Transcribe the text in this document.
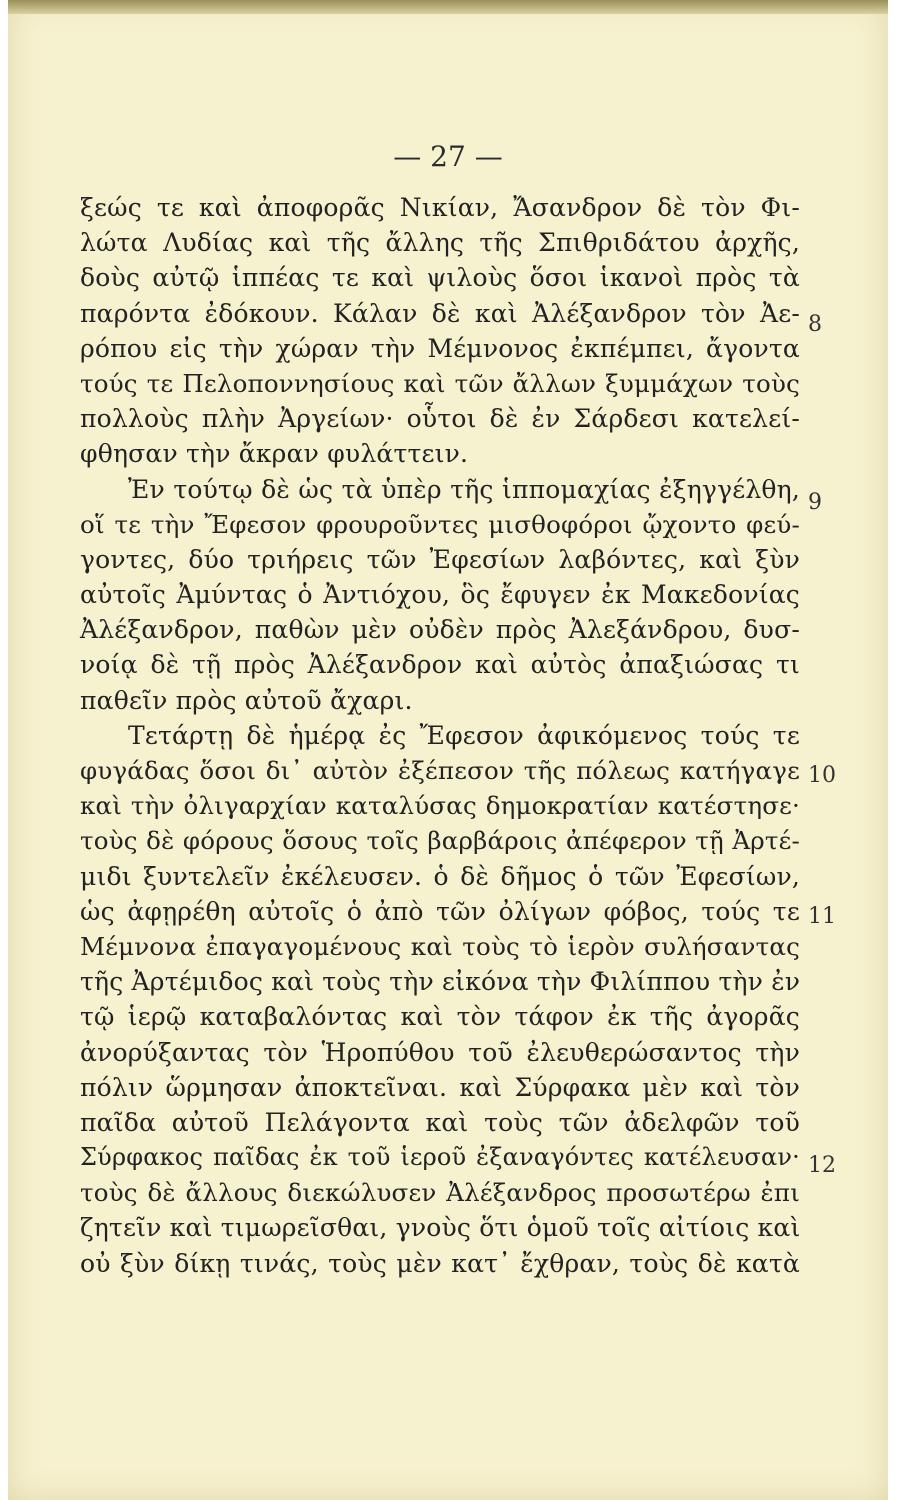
— 27 —
ξεώς τε καὶ ἀποφορᾶς Νικίαν, Ἄσανδρον δὲ τὸν Φι-
λώτα Λυδίας καὶ τῆς ἄλλης τῆς Σπιθριδάτου ἀρχῆς,
δοὺς αὐτῷ ἱππέας τε καὶ ψιλοὺς ὅσοι ἱκανοὶ πρὸς τὰ
παρόντα ἐδόκουν. Κάλαν δὲ καὶ Ἀλέξανδρον τὸν Ἀε-
ρόπου εἰς τὴν χώραν τὴν Μέμνονος ἐκπέμπει, ἄγοντα
τούς τε Πελοποννησίους καὶ τῶν ἄλλων ξυμμάχων τοὺς
πολλοὺς πλὴν Ἀργείων· οὗτοι δὲ ἐν Σάρδεσι κατελεί-
φθησαν τὴν ἄκραν φυλάττειν.
Ἐν τούτῳ δὲ ὡς τὰ ὑπὲρ τῆς ἱππομαχίας ἐξηγγέλθη,
οἵ τε τὴν Ἔφεσον φρουροῦντες μισθοφόροι ᾤχοντο φεύ-
γοντες, δύο τριήρεις τῶν Ἐφεσίων λαβόντες, καὶ ξὺν
αὐτοῖς Ἀμύντας ὁ Ἀντιόχου, ὃς ἔφυγεν ἐκ Μακεδονίας
Ἀλέξανδρον, παθὼν μὲν οὐδὲν πρὸς Ἀλεξάνδρου, δυσ-
νοίᾳ δὲ τῇ πρὸς Ἀλέξανδρον καὶ αὐτὸς ἀπαξιώσας τι
παθεῖν πρὸς αὐτοῦ ἄχαρι.
Τετάρτῃ δὲ ἡμέρᾳ ἐς Ἔφεσον ἀφικόμενος τούς τε
φυγάδας ὅσοι δι᾽ αὐτὸν ἐξέπεσον τῆς πόλεως κατήγαγε
καὶ τὴν ὀλιγαρχίαν καταλύσας δημοκρατίαν κατέστησε·
τοὺς δὲ φόρους ὅσους τοῖς βαρβάροις ἀπέφερον τῇ Ἀρτέ-
μιδι ξυντελεῖν ἐκέλευσεν. ὁ δὲ δῆμος ὁ τῶν Ἐφεσίων,
ὡς ἀφῃρέθη αὐτοῖς ὁ ἀπὸ τῶν ὀλίγων φόβος, τούς τε
Μέμνονα ἐπαγαγομένους καὶ τοὺς τὸ ἱερὸν συλήσαντας
τῆς Ἀρτέμιδος καὶ τοὺς τὴν εἰκόνα τὴν Φιλίππου τὴν ἐν
τῷ ἱερῷ καταβαλόντας καὶ τὸν τάφον ἐκ τῆς ἀγορᾶς
ἀνορύξαντας τὸν Ἡροπύθου τοῦ ἐλευθερώσαντος τὴν
πόλιν ὥρμησαν ἀποκτεῖναι. καὶ Σύρφακα μὲν καὶ τὸν
παῖδα αὐτοῦ Πελάγοντα καὶ τοὺς τῶν ἀδελφῶν τοῦ
Σύρφακος παῖδας ἐκ τοῦ ἱεροῦ ἐξαναγόντες κατέλευσαν·
τοὺς δὲ ἄλλους διεκώλυσεν Ἀλέξανδρος προσωτέρω ἐπι
ζητεῖν καὶ τιμωρεῖσθαι, γνοὺς ὅτι ὁμοῦ τοῖς αἰτίοις καὶ
οὐ ξὺν δίκῃ τινάς, τοὺς μὲν κατ᾽ ἔχθραν, τοὺς δὲ κατὰ
8
9
10
11
12
